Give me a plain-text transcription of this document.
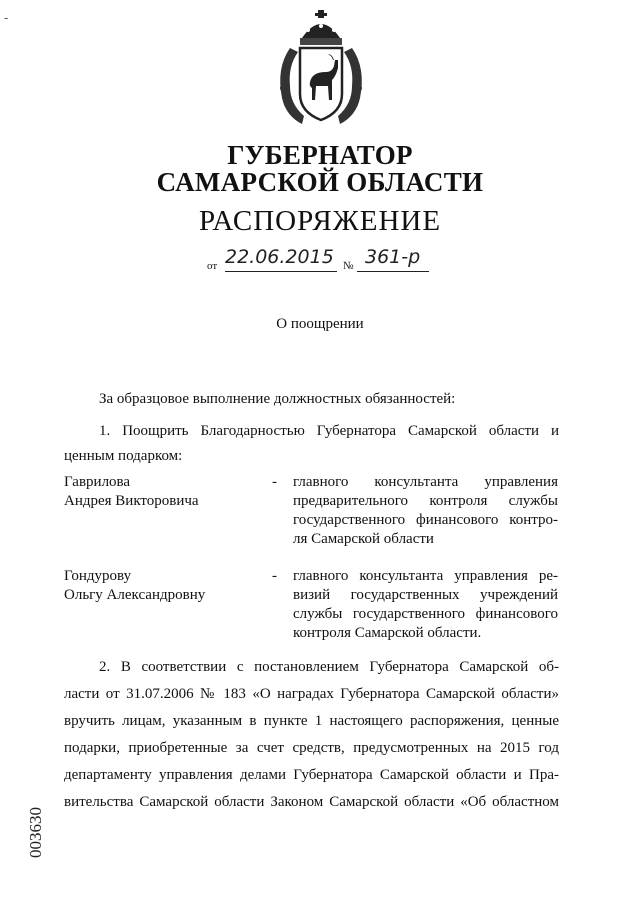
-
ГУБЕРНАТОР
САМАРСКОЙ ОБЛАСТИ
РАСПОРЯЖЕНИЕ
от 22.06.2015 № 361-р
О поощрении
За образцовое выполнение должностных обязанностей:
1. Поощрить Благодарностью Губернатора Самарской области и
ценным подарком:
Гаврилова
Андрея Викторовича
- главного консультанта управления
предварительного контроля службы
государственного финансового контро-
ля Самарской области
Гондурову
Ольгу Александровну
- главного консультанта управления ре-
визий государственных учреждений
службы государственного финансового
контроля Самарской области.
2. В соответствии с постановлением Губернатора Самарской об-
ласти от 31.07.2006 № 183 «О наградах Губернатора Самарской области»
вручить лицам, указанным в пункте 1 настоящего распоряжения, ценные
подарки, приобретенные за счет средств, предусмотренных на 2015 год
департаменту управления делами Губернатора Самарской области и Пра-
вительства Самарской области Законом Самарской области «Об областном
003630
